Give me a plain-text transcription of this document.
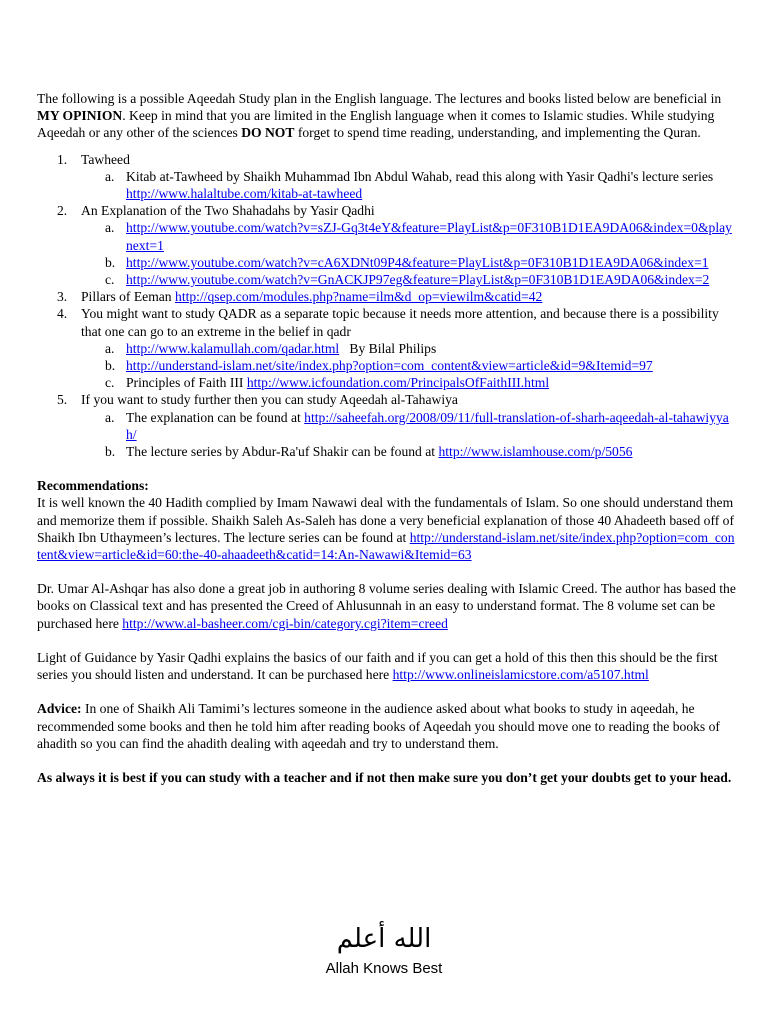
The following is a possible Aqeedah Study plan in the English language. The lectures and books listed below are beneficial in MY OPINION. Keep in mind that you are limited in the English language when it comes to Islamic studies. While studying Aqeedah or any other of the sciences DO NOT forget to spend time reading, understanding, and implementing the Quran.

1. Tawheed
a. Kitab at-Tawheed by Shaikh Muhammad Ibn Abdul Wahab, read this along with Yasir Qadhi's lecture series http://www.halaltube.com/kitab-at-tawheed
2. An Explanation of the Two Shahadahs by Yasir Qadhi
a. http://www.youtube.com/watch?v=sZJ-Gq3t4eY&feature=PlayList&p=0F310B1D1EA9DA06&index=0&playnext=1
b. http://www.youtube.com/watch?v=cA6XDNt09P4&feature=PlayList&p=0F310B1D1EA9DA06&index=1
c. http://www.youtube.com/watch?v=GnACKJP97eg&feature=PlayList&p=0F310B1D1EA9DA06&index=2
3. Pillars of Eeman http://qsep.com/modules.php?name=ilm&d_op=viewilm&catid=42
4. You might want to study QADR as a separate topic because it needs more attention, and because there is a possibility that one can go to an extreme in the belief in qadr
a. http://www.kalamullah.com/qadar.html   By Bilal Philips
b. http://understand-islam.net/site/index.php?option=com_content&view=article&id=9&Itemid=97
c. Principles of Faith III http://www.icfoundation.com/PrincipalsOfFaithIII.html
5. If you want to study further then you can study Aqeedah al-Tahawiya
a. The explanation can be found at http://saheefah.org/2008/09/11/full-translation-of-sharh-aqeedah-al-tahawiyyah/
b. The lecture series by Abdur-Ra'uf Shakir can be found at http://www.islamhouse.com/p/5056

Recommendations:
It is well known the 40 Hadith complied by Imam Nawawi deal with the fundamentals of Islam. So one should understand them and memorize them if possible. Shaikh Saleh As-Saleh has done a very beneficial explanation of those 40 Ahadeeth based off of Shaikh Ibn Uthaymeen’s lectures. The lecture series can be found at http://understand-islam.net/site/index.php?option=com_content&view=article&id=60:the-40-ahaadeeth&catid=14:An-Nawawi&Itemid=63

Dr. Umar Al-Ashqar has also done a great job in authoring 8 volume series dealing with Islamic Creed. The author has based the books on Classical text and has presented the Creed of Ahlusunnah in an easy to understand format. The 8 volume set can be purchased here http://www.al-basheer.com/cgi-bin/category.cgi?item=creed

Light of Guidance by Yasir Qadhi explains the basics of our faith and if you can get a hold of this then this should be the first series you should listen and understand. It can be purchased here http://www.onlineislamicstore.com/a5107.html

Advice: In one of Shaikh Ali Tamimi’s lectures someone in the audience asked about what books to study in aqeedah, he recommended some books and then he told him after reading books of Aqeedah you should move one to reading the books of ahadith so you can find the ahadith dealing with aqeedah and try to understand them.

As always it is best if you can study with a teacher and if not then make sure you don’t get your doubts get to your head.

الله أعلم
Allah Knows Best
